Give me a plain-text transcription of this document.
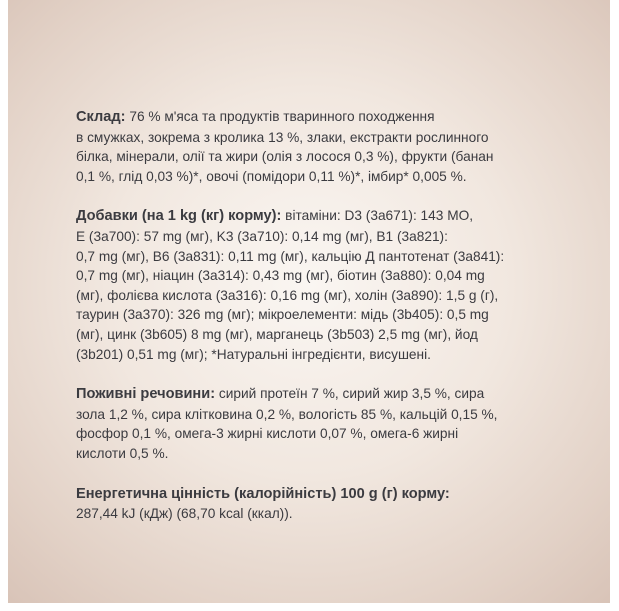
Склад: 76 % м'яса та продуктів тваринного походження

в смужках, зокрема з кролика 13 %, злаки, екстракти рослинного

білка, мінерали, олії та жири (олія з лосося 0,3 %), фрукти (банан

0,1 %, глід 0,03 %)*, овочі (помідори 0,11 %)*, імбир* 0,005 %.

Добавки (на 1 kg (кг) корму): вітаміни: D3 (3a671): 143 МО,

E (3a700): 57 mg (мг), K3 (3a710): 0,14 mg (мг), B1 (3a821):

0,7 mg (мг), B6 (3a831): 0,11 mg (мг), кальцію Д пантотенат (3a841):

0,7 mg (мг), ніацин (3a314): 0,43 mg (мг), біотин (3a880): 0,04 mg

(мг), фолієва кислота (3a316): 0,16 mg (мг), холін (3a890): 1,5 g (г),

таурин (3a370): 326 mg (мг); мікроелементи: мідь (3b405): 0,5 mg

(мг), цинк (3b605) 8 mg (мг), марганець (3b503) 2,5 mg (мг), йод

(3b201) 0,51 mg (мг); *Натуральні інгредієнти, висушені.

Поживні речовини: сирий протеїн 7 %, сирий жир 3,5 %, сира

зола 1,2 %, сира клітковина 0,2 %, вологість 85 %, кальцій 0,15 %,

фосфор 0,1 %, омега-3 жирні кислоти 0,07 %, омега-6 жирні

кислоти 0,5 %.

Енергетична цінність (калорійність) 100 g (г) корму:

287,44 kJ (кДж) (68,70 kcal (ккал)).
